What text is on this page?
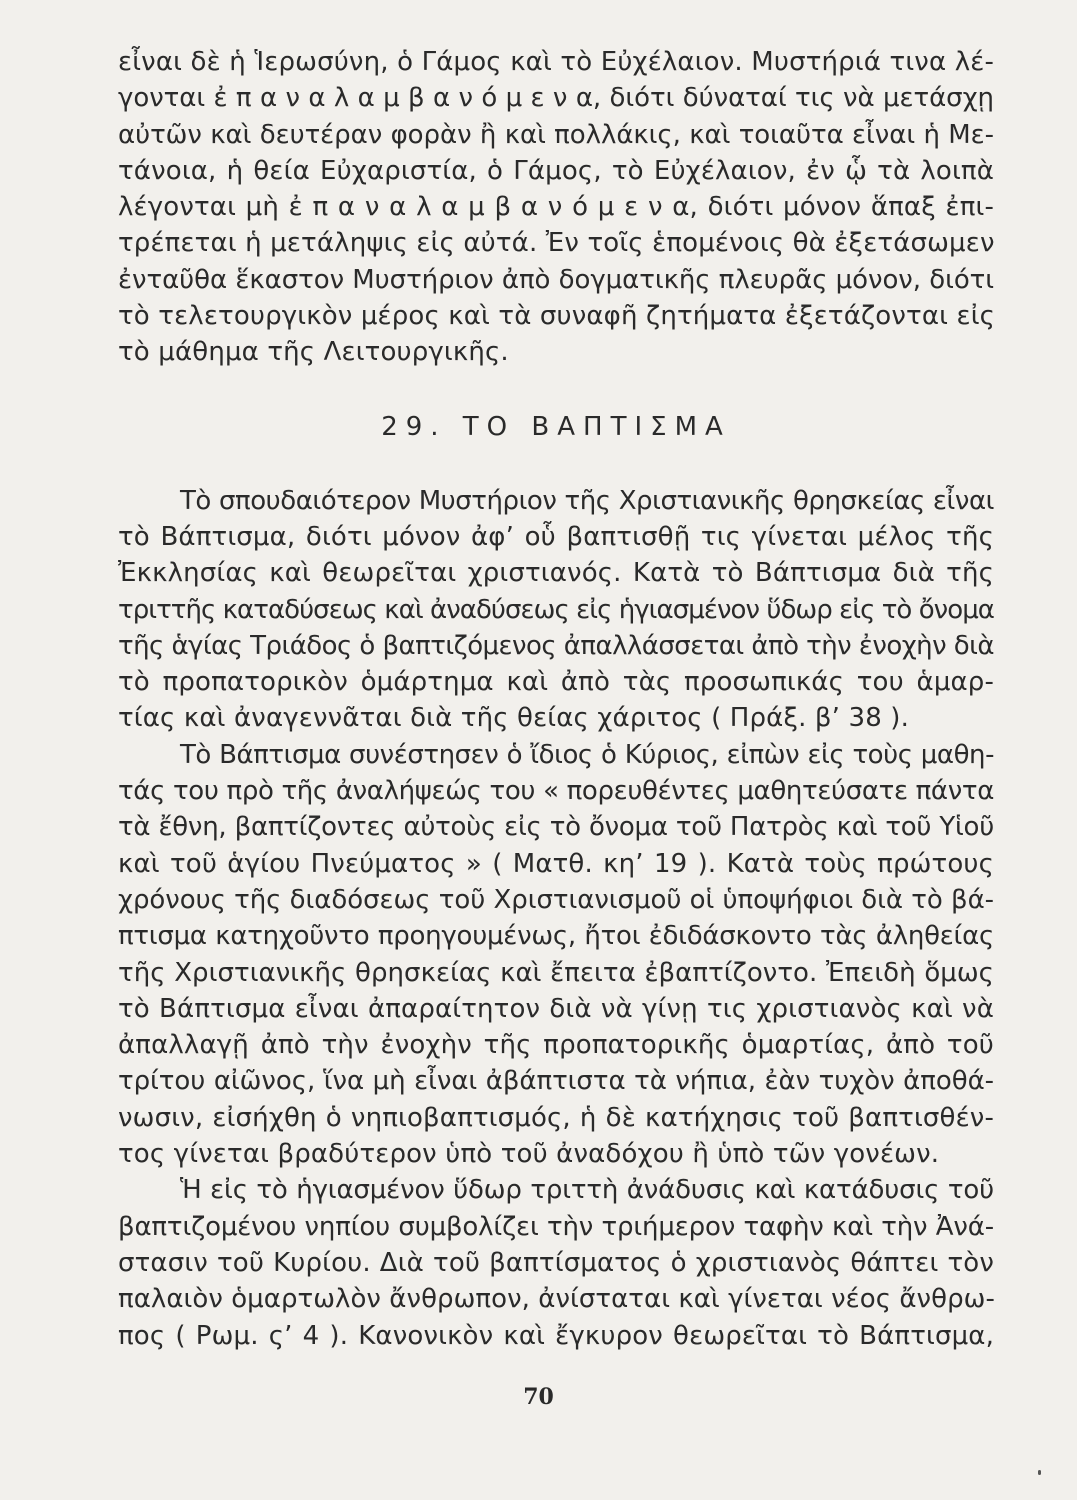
εἶναι δὲ ἡ Ἱερωσύνη, ὁ Γάμος καὶ τὸ Εὐχέλαιον. Μυστήριά τινα λέ-
γονται ἐ π α ν α λ α μ β α ν ό μ ε ν α, διότι δύναταί τις νὰ μετάσχῃ
αὐτῶν καὶ δευτέραν φορὰν ἢ καὶ πολλάκις, καὶ τοιαῦτα εἶναι ἡ Με-
τάνοια, ἡ θεία Εὐχαριστία, ὁ Γάμος, τὸ Εὐχέλαιον, ἐν ᾧ τὰ λοιπὰ
λέγονται μὴ ἐ π α ν α λ α μ β α ν ό μ ε ν α, διότι μόνον ἅπαξ ἐπι-
τρέπεται ἡ μετάληψις εἰς αὐτά. Ἐν τοῖς ἑπομένοις θὰ ἐξετάσωμεν
ἐνταῦθα ἕκαστον Μυστήριον ἀπὸ δογματικῆς πλευρᾶς μόνον, διότι
τὸ τελετουργικὸν μέρος καὶ τὰ συναφῆ ζητήματα ἐξετάζονται εἰς
τὸ μάθημα τῆς Λειτουργικῆς.
29. ΤΟ ΒΑΠΤΙΣΜΑ
Τὸ σπουδαιότερον Μυστήριον τῆς Χριστιανικῆς θρησκείας εἶναι
τὸ Βάπτισμα, διότι μόνον ἀφ’ οὗ βαπτισθῇ τις γίνεται μέλος τῆς
Ἐκκλησίας καὶ θεωρεῖται χριστιανός. Κατὰ τὸ Βάπτισμα διὰ τῆς
τριττῆς καταδύσεως καὶ ἀναδύσεως εἰς ἡγιασμένον ὕδωρ εἰς τὸ ὄνομα
τῆς ἁγίας Τριάδος ὁ βαπτιζόμενος ἀπαλλάσσεται ἀπὸ τὴν ἐνοχὴν διὰ
τὸ προπατορικὸν ὁμάρτημα καὶ ἀπὸ τὰς προσωπικάς του ἁμαρ-
τίας καὶ ἀναγεννᾶται διὰ τῆς θείας χάριτος ( Πράξ. β’ 38 ).
Τὸ Βάπτισμα συνέστησεν ὁ ἴδιος ὁ Κύριος, εἰπὼν εἰς τοὺς μαθη-
τάς του πρὸ τῆς ἀναλήψεώς του « πορευθέντες μαθητεύσατε πάντα
τὰ ἔθνη, βαπτίζοντες αὐτοὺς εἰς τὸ ὄνομα τοῦ Πατρὸς καὶ τοῦ Υἱοῦ
καὶ τοῦ ἁγίου Πνεύματος » ( Ματθ. κη’ 19 ). Κατὰ τοὺς πρώτους
χρόνους τῆς διαδόσεως τοῦ Χριστιανισμοῦ οἱ ὑποψήφιοι διὰ τὸ βά-
πτισμα κατηχοῦντο προηγουμένως, ἤτοι ἐδιδάσκοντο τὰς ἀληθείας
τῆς Χριστιανικῆς θρησκείας καὶ ἔπειτα ἐβαπτίζοντο. Ἐπειδὴ ὅμως
τὸ Βάπτισμα εἶναι ἀπαραίτητον διὰ νὰ γίνῃ τις χριστιανὸς καὶ νὰ
ἀπαλλαγῇ ἀπὸ τὴν ἐνοχὴν τῆς προπατορικῆς ὁμαρτίας, ἀπὸ τοῦ
τρίτου αἰῶνος, ἵνα μὴ εἶναι ἀβάπτιστα τὰ νήπια, ἐὰν τυχὸν ἀποθά-
νωσιν, εἰσήχθη ὁ νηπιοβαπτισμός, ἡ δὲ κατήχησις τοῦ βαπτισθέν-
τος γίνεται βραδύτερον ὑπὸ τοῦ ἀναδόχου ἢ ὑπὸ τῶν γονέων.
Ἡ εἰς τὸ ἡγιασμένον ὕδωρ τριττὴ ἀνάδυσις καὶ κατάδυσις τοῦ
βαπτιζομένου νηπίου συμβολίζει τὴν τριήμερον ταφὴν καὶ τὴν Ἀνά-
στασιν τοῦ Κυρίου. Διὰ τοῦ βαπτίσματος ὁ χριστιανὸς θάπτει τὸν
παλαιὸν ὁμαρτωλὸν ἄνθρωπον, ἀνίσταται καὶ γίνεται νέος ἄνθρω-
πος ( Ρωμ. ς’ 4 ). Κανονικὸν καὶ ἔγκυρον θεωρεῖται τὸ Βάπτισμα,
70
